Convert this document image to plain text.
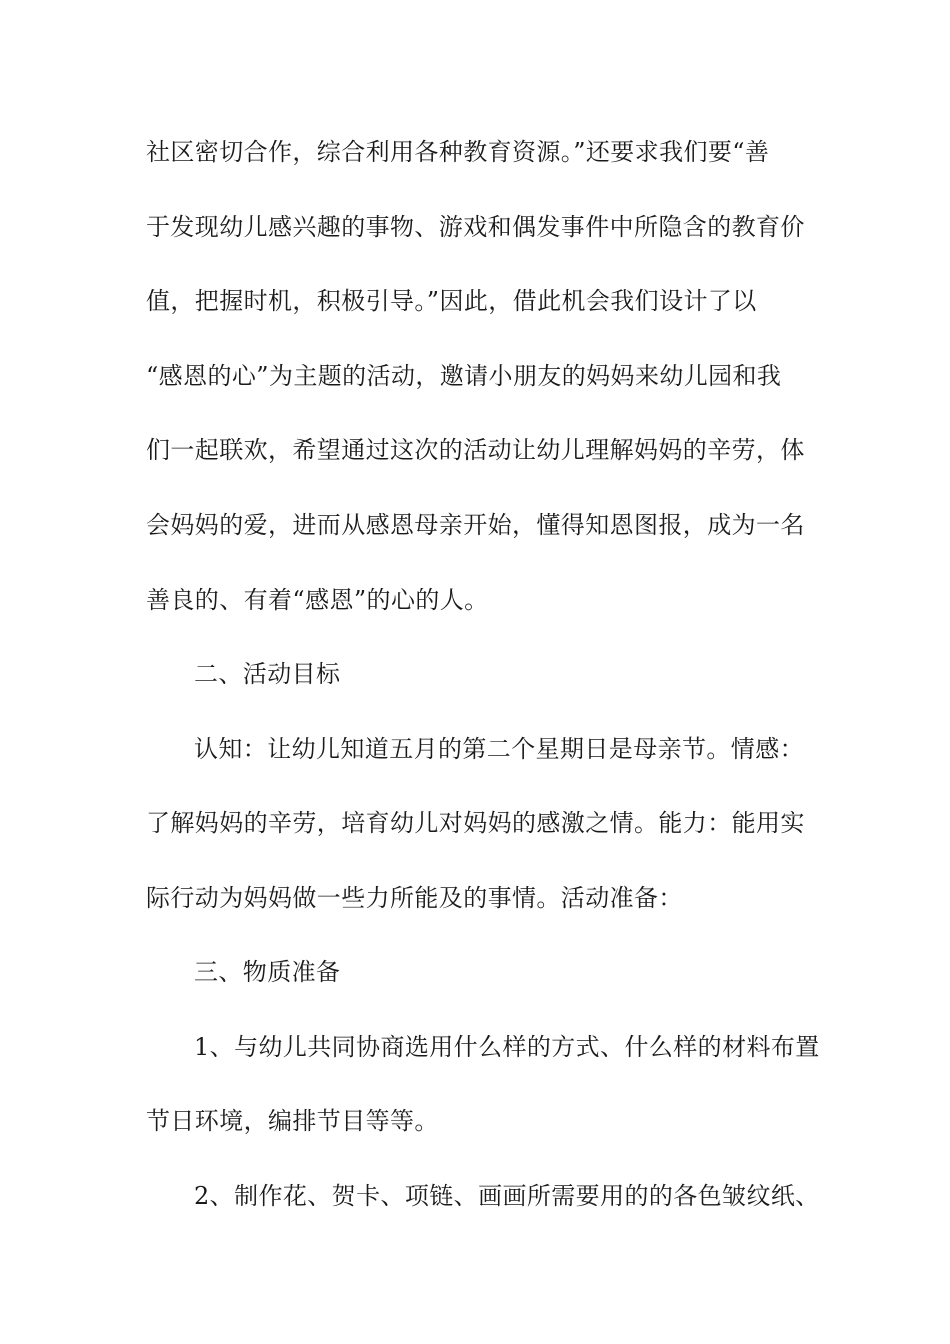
社区密切合作，综合利用各种教育资源。”还要求我们要“善
于发现幼儿感兴趣的事物、游戏和偶发事件中所隐含的教育价
值，把握时机，积极引导。”因此，借此机会我们设计了以
“感恩的心”为主题的活动，邀请小朋友的妈妈来幼儿园和我
们一起联欢，希望通过这次的活动让幼儿理解妈妈的辛劳，体
会妈妈的爱，进而从感恩母亲开始，懂得知恩图报，成为一名
善良的、有着“感恩”的心的人。
二、活动目标
认知：让幼儿知道五月的第二个星期日是母亲节。情感：
了解妈妈的辛劳，培育幼儿对妈妈的感激之情。能力：能用实
际行动为妈妈做一些力所能及的事情。活动准备：
三、物质准备
1、与幼儿共同协商选用什么样的方式、什么样的材料布置
节日环境，编排节目等等。
2、制作花、贺卡、项链、画画所需要用的的各色皱纹纸、
